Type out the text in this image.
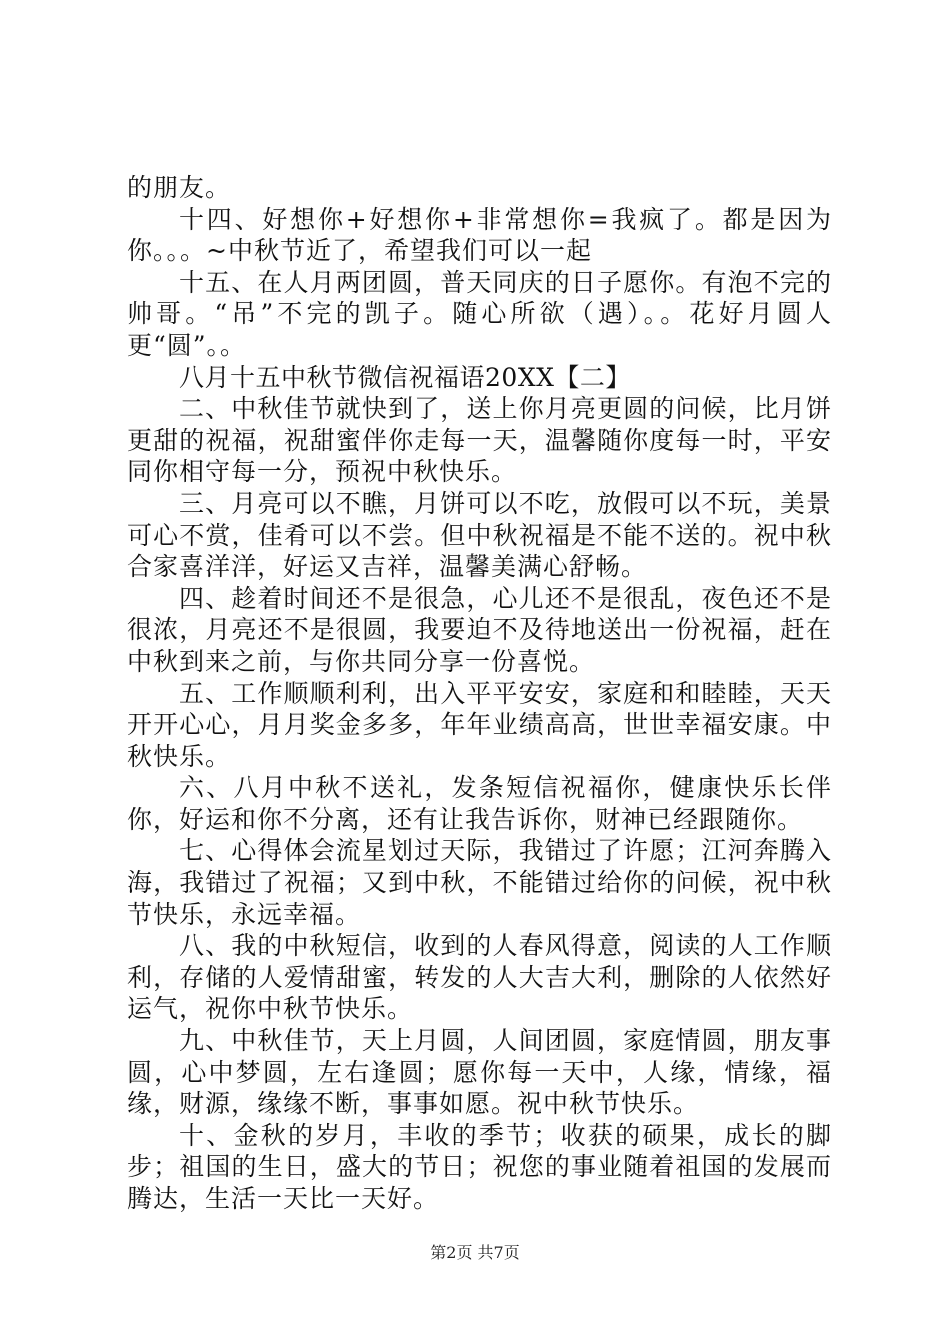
的朋友。

十四、好想你+好想你+非常想你=我疯了。都是因为你。。。~中秋节近了，希望我们可以一起

十五、在人月两团圆，普天同庆的日子愿你。有泡不完的帅哥。“吊”不完的凯子。随心所欲（遇）。。花好月圆人更“圆”。。

八月十五中秋节微信祝福语20XX【二】

二、中秋佳节就快到了，送上你月亮更圆的问候，比月饼更甜的祝福，祝甜蜜伴你走每一天，温馨随你度每一时，平安同你相守每一分，预祝中秋快乐。

三、月亮可以不瞧，月饼可以不吃，放假可以不玩，美景可心不赏，佳肴可以不尝。但中秋祝福是不能不送的。祝中秋合家喜洋洋，好运又吉祥，温馨美满心舒畅。

四、趁着时间还不是很急，心儿还不是很乱，夜色还不是很浓，月亮还不是很圆，我要迫不及待地送出一份祝福，赶在中秋到来之前，与你共同分享一份喜悦。

五、工作顺顺利利，出入平平安安，家庭和和睦睦，天天开开心心，月月奖金多多，年年业绩高高，世世幸福安康。中秋快乐。

六、八月中秋不送礼，发条短信祝福你，健康快乐长伴你，好运和你不分离，还有让我告诉你，财神已经跟随你。

七、心得体会流星划过天际，我错过了许愿；江河奔腾入海，我错过了祝福；又到中秋，不能错过给你的问候，祝中秋节快乐，永远幸福。

八、我的中秋短信，收到的人春风得意，阅读的人工作顺利，存储的人爱情甜蜜，转发的人大吉大利，删除的人依然好运气，祝你中秋节快乐。

九、中秋佳节，天上月圆，人间团圆，家庭情圆，朋友事圆，心中梦圆，左右逢圆；愿你每一天中，人缘，情缘，福缘，财源，缘缘不断，事事如愿。祝中秋节快乐。

十、金秋的岁月，丰收的季节；收获的硕果，成长的脚步；祖国的生日，盛大的节日；祝您的事业随着祖国的发展而腾达，生活一天比一天好。

第2页 共7页
